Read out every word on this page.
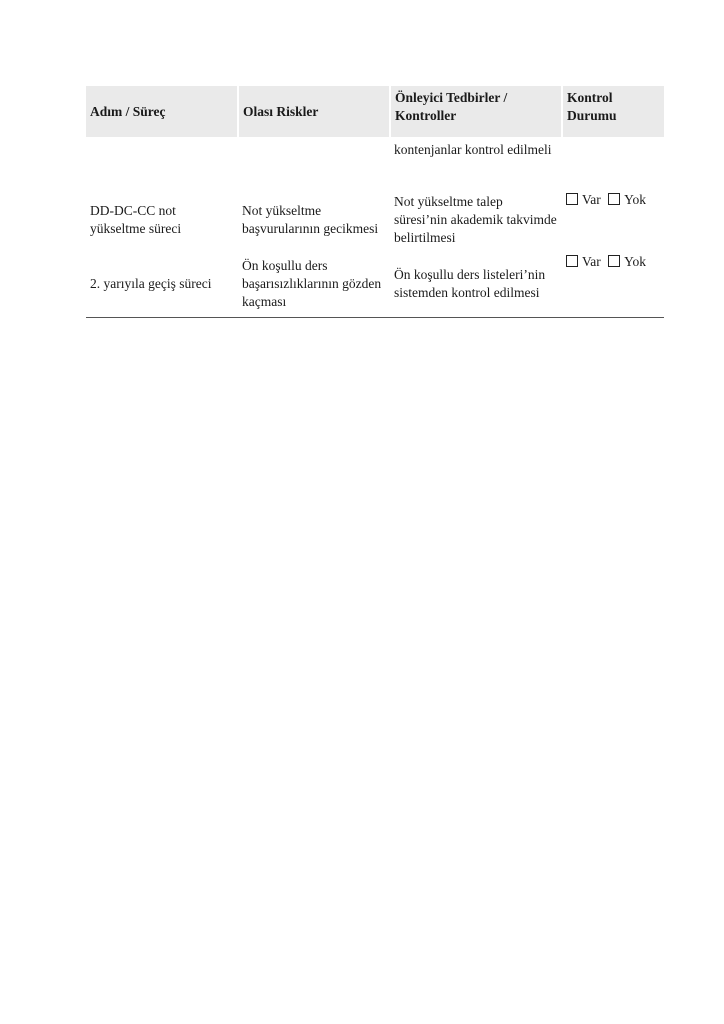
Adım / Süreç	Olası Riskler	Önleyici Tedbirler / Kontroller	Kontrol Durumu
		kontenjanlar kontrol edilmeli	
DD-DC-CC not yükseltme süreci	Not yükseltme başvurularının gecikmesi	Not yükseltme talep süresi’nin akademik takvimde belirtilmesi	Var Yok
2. yarıyıla geçiş süreci	Ön koşullu ders başarısızlıklarının gözden kaçması	Ön koşullu ders listeleri’nin sistemden kontrol edilmesi	Var Yok
